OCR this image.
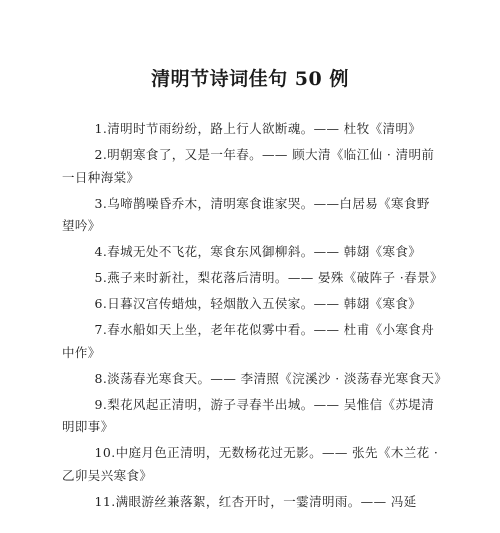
清明节诗词佳句 50 例

1.清明时节雨纷纷，路上行人欲断魂。—— 杜牧《清明》

2.明朝寒食了，又是一年春。—— 顾大清《临江仙 · 清明前一日种海棠》

3.乌啼鹊噪昏乔木，清明寒食谁家哭。——白居易《寒食野望吟》

4.春城无处不飞花，寒食东风御柳斜。—— 韩翃《寒食》

5.燕子来时新社，梨花落后清明。—— 晏殊《破阵子 ·春景》

6.日暮汉宫传蜡烛，轻烟散入五侯家。—— 韩翃《寒食》

7.春水船如天上坐，老年花似雾中看。—— 杜甫《小寒食舟中作》

8.淡荡春光寒食天。—— 李清照《浣溪沙 · 淡荡春光寒食天》

9.梨花风起正清明，游子寻春半出城。—— 吴惟信《苏堤清明即事》

10.中庭月色正清明，无数杨花过无影。—— 张先《木兰花 · 乙卯吴兴寒食》

11.满眼游丝兼落絮，红杏开时，一霎清明雨。—— 冯延
